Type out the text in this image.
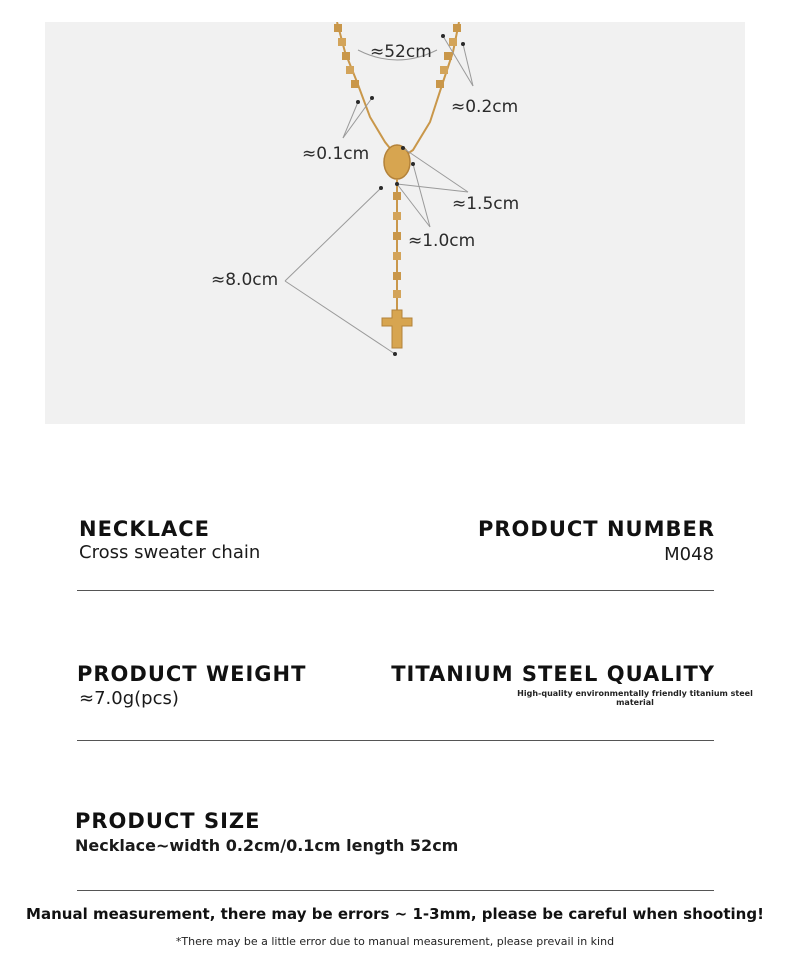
≈52cm
≈0.2cm
≈0.1cm
≈1.5cm
≈1.0cm
≈8.0cm
NECKLACE
Cross sweater chain
PRODUCT NUMBER
M048
PRODUCT WEIGHT
≈7.0g(pcs)
TITANIUM STEEL QUALITY
High-quality environmentally friendly titanium steel material
PRODUCT SIZE
Necklace~width 0.2cm/0.1cm length 52cm
Manual measurement, there may be errors ~ 1-3mm, please be careful when shooting!
*There may be a little error due to manual measurement, please prevail in kind
